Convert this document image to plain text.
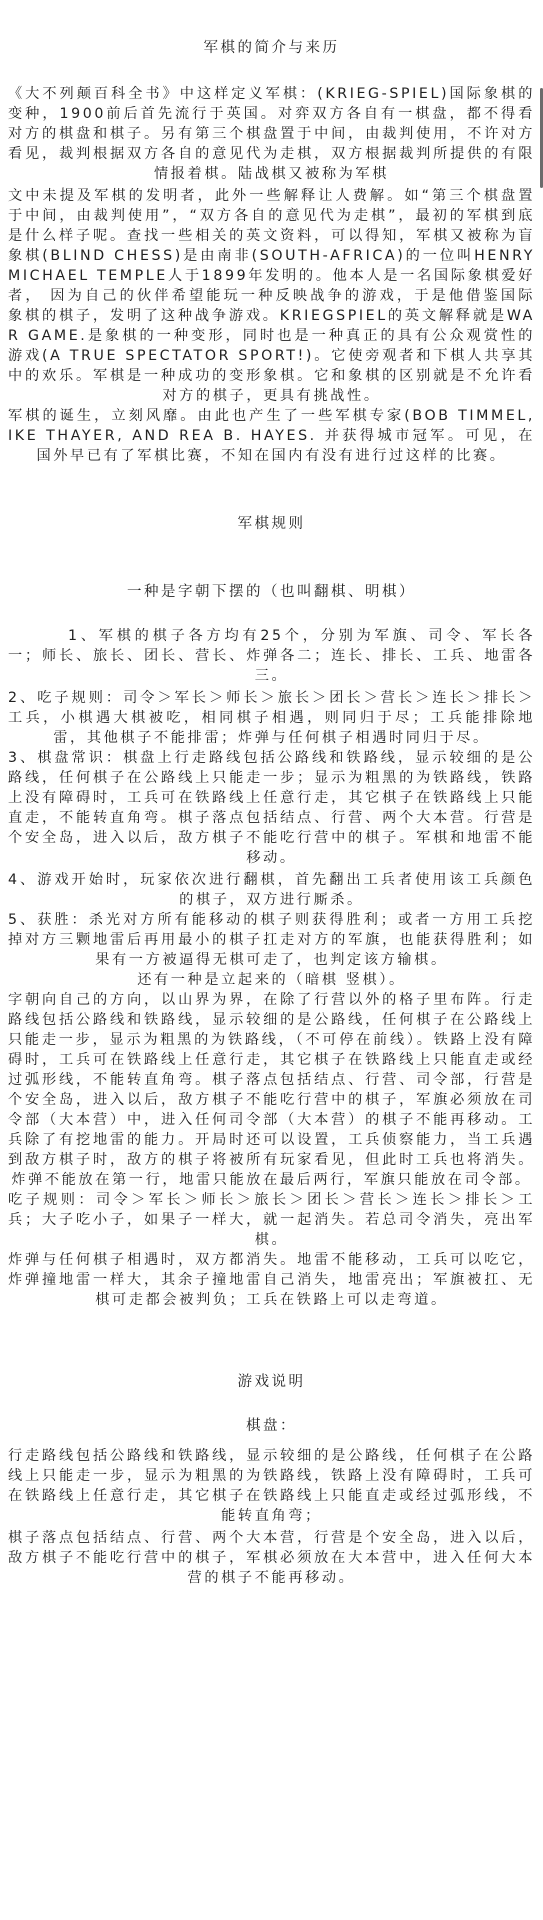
军棋的简介与来历
《大不列颠百科全书》中这样定义军棋：(KRIEG-SPIEL)国际象棋的变种，1900前后首先流行于英国。对弈双方各自有一棋盘，都不得看对方的棋盘和棋子。另有第三个棋盘置于中间，由裁判使用，不许对方看见，裁判根据双方各自的意见代为走棋，双方根据裁判所提供的有限情报着棋。陆战棋又被称为军棋
文中未提及军棋的发明者，此外一些解释让人费解。如“第三个棋盘置于中间，由裁判使用”，“双方各自的意见代为走棋”，最初的军棋到底是什么样子呢。查找一些相关的英文资料，可以得知，军棋又被称为盲象棋(BLIND CHESS)是由南非(SOUTH-AFRICA)的一位叫HENRY MICHAEL TEMPLE人于1899年发明的。他本人是一名国际象棋爱好者， 因为自己的伙伴希望能玩一种反映战争的游戏，于是他借鉴国际象棋的棋子，发明了这种战争游戏。KRIEGSPIEL的英文解释就是WAR GAME.是象棋的一种变形，同时也是一种真正的具有公众观赏性的游戏(A TRUE SPECTATOR SPORT!)。它使旁观者和下棋人共享其中的欢乐。军棋是一种成功的变形象棋。它和象棋的区别就是不允许看对方的棋子，更具有挑战性。
军棋的诞生，立刻风靡。由此也产生了一些军棋专家(BOB TIMMEL, IKE THAYER, AND REA B. HAYES. 并获得城市冠军。可见，在国外早已有了军棋比赛，不知在国内有没有进行过这样的比赛。
军棋规则
一种是字朝下摆的（也叫翻棋、明棋）
1、军棋的棋子各方均有25个，分别为军旗、司令、军长各一；师长、旅长、团长、营长、炸弹各二；连长、排长、工兵、地雷各三。
2、吃子规则：司令＞军长＞师长＞旅长＞团长＞营长＞连长＞排长＞工兵，小棋遇大棋被吃，相同棋子相遇，则同归于尽；工兵能排除地雷，其他棋子不能排雷；炸弹与任何棋子相遇时同归于尽。
3、棋盘常识：棋盘上行走路线包括公路线和铁路线，显示较细的是公路线，任何棋子在公路线上只能走一步；显示为粗黑的为铁路线，铁路上没有障碍时，工兵可在铁路线上任意行走，其它棋子在铁路线上只能直走，不能转直角弯。棋子落点包括结点、行营、两个大本营。行营是个安全岛，进入以后，敌方棋子不能吃行营中的棋子。军棋和地雷不能移动。
4、游戏开始时，玩家依次进行翻棋，首先翻出工兵者使用该工兵颜色的棋子，双方进行厮杀。
5、获胜：杀光对方所有能移动的棋子则获得胜利；或者一方用工兵挖掉对方三颗地雷后再用最小的棋子扛走对方的军旗，也能获得胜利；如果有一方被逼得无棋可走了，也判定该方输棋。
还有一种是立起来的（暗棋 竖棋）。
字朝向自己的方向，以山界为界，在除了行营以外的格子里布阵。行走路线包括公路线和铁路线，显示较细的是公路线，任何棋子在公路线上只能走一步，显示为粗黑的为铁路线，（不可停在前线）。铁路上没有障碍时，工兵可在铁路线上任意行走，其它棋子在铁路线上只能直走或经过弧形线，不能转直角弯。棋子落点包括结点、行营、司令部，行营是个安全岛，进入以后，敌方棋子不能吃行营中的棋子，军旗必须放在司令部（大本营）中，进入任何司令部（大本营）的棋子不能再移动。工兵除了有挖地雷的能力。开局时还可以设置，工兵侦察能力，当工兵遇到敌方棋子时，敌方的棋子将被所有玩家看见，但此时工兵也将消失。炸弹不能放在第一行，地雷只能放在最后两行，军旗只能放在司令部。
吃子规则：司令＞军长＞师长＞旅长＞团长＞营长＞连长＞排长＞工兵；大子吃小子，如果子一样大，就一起消失。若总司令消失，亮出军棋。
炸弹与任何棋子相遇时，双方都消失。地雷不能移动，工兵可以吃它，炸弹撞地雷一样大，其余子撞地雷自己消失，地雷亮出；军旗被扛、无棋可走都会被判负；工兵在铁路上可以走弯道。
游戏说明
棋盘：
行走路线包括公路线和铁路线，显示较细的是公路线，任何棋子在公路线上只能走一步，显示为粗黑的为铁路线，铁路上没有障碍时，工兵可在铁路线上任意行走，其它棋子在铁路线上只能直走或经过弧形线，不能转直角弯；
棋子落点包括结点、行营、两个大本营，行营是个安全岛，进入以后，敌方棋子不能吃行营中的棋子，军棋必须放在大本营中，进入任何大本营的棋子不能再移动。
